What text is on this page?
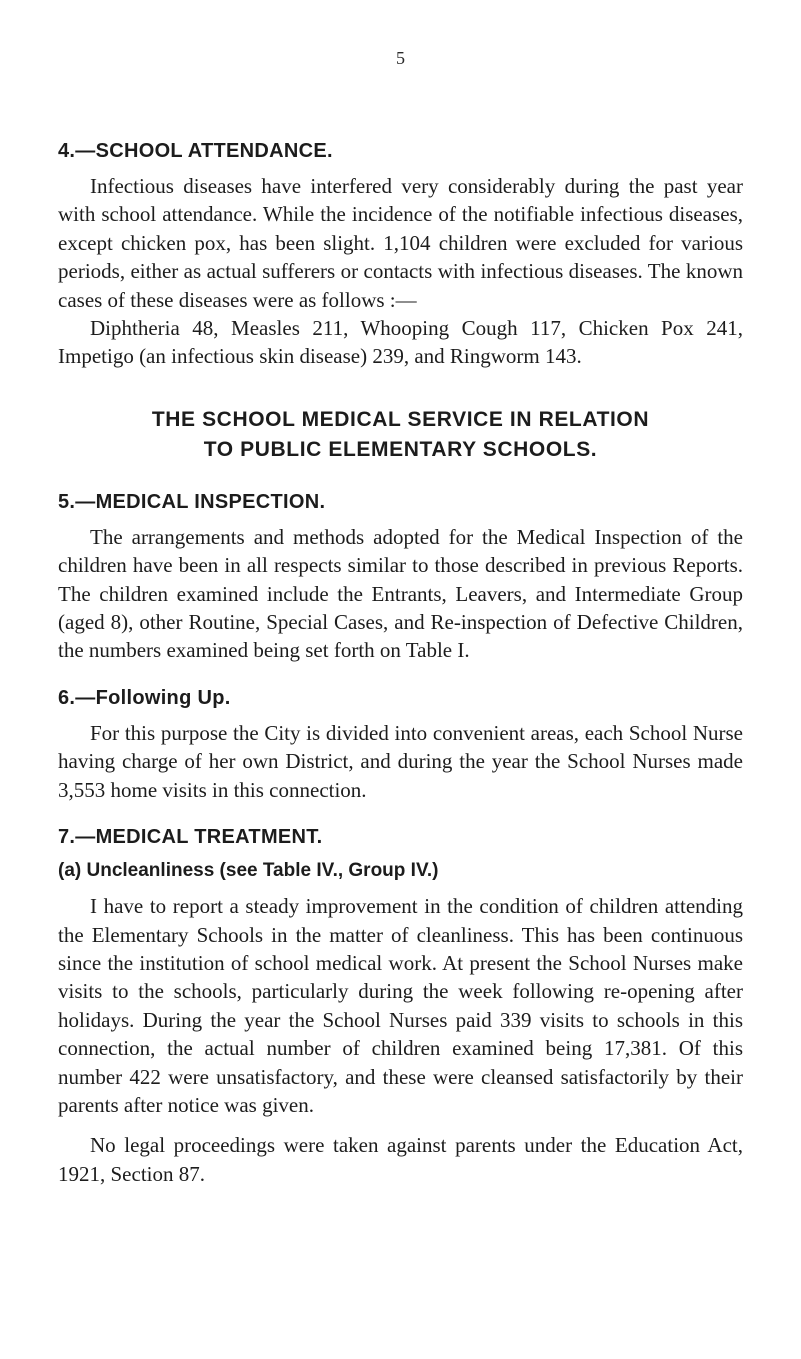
5
4.—SCHOOL ATTENDANCE.

Infectious diseases have interfered very considerably during the past year with school attendance. While the incidence of the notifiable infectious diseases, except chicken pox, has been slight. 1,104 children were excluded for various periods, either as actual sufferers or contacts with infectious diseases. The known cases of these diseases were as follows :—

Diphtheria 48, Measles 211, Whooping Cough 117, Chicken Pox 241, Impetigo (an infectious skin disease) 239, and Ringworm 143.

THE SCHOOL MEDICAL SERVICE IN RELATION
TO PUBLIC ELEMENTARY SCHOOLS.
5.—MEDICAL INSPECTION.

The arrangements and methods adopted for the Medical Inspection of the children have been in all respects similar to those described in previous Reports. The children examined include the Entrants, Leavers, and Intermediate Group (aged 8), other Routine, Special Cases, and Re-inspection of Defective Children, the numbers examined being set forth on Table I.

6.—Following Up.

For this purpose the City is divided into convenient areas, each School Nurse having charge of her own District, and during the year the School Nurses made 3,553 home visits in this connection.

7.—MEDICAL TREATMENT.
(a) Uncleanliness (see Table IV., Group IV.)

I have to report a steady improvement in the condition of children attending the Elementary Schools in the matter of cleanliness. This has been continuous since the institution of school medical work. At present the School Nurses make visits to the schools, particularly during the week following re-opening after holidays. During the year the School Nurses paid 339 visits to schools in this connection, the actual number of children examined being 17,381. Of this number 422 were unsatisfactory, and these were cleansed satisfactorily by their parents after notice was given.

No legal proceedings were taken against parents under the Education Act, 1921, Section 87.
